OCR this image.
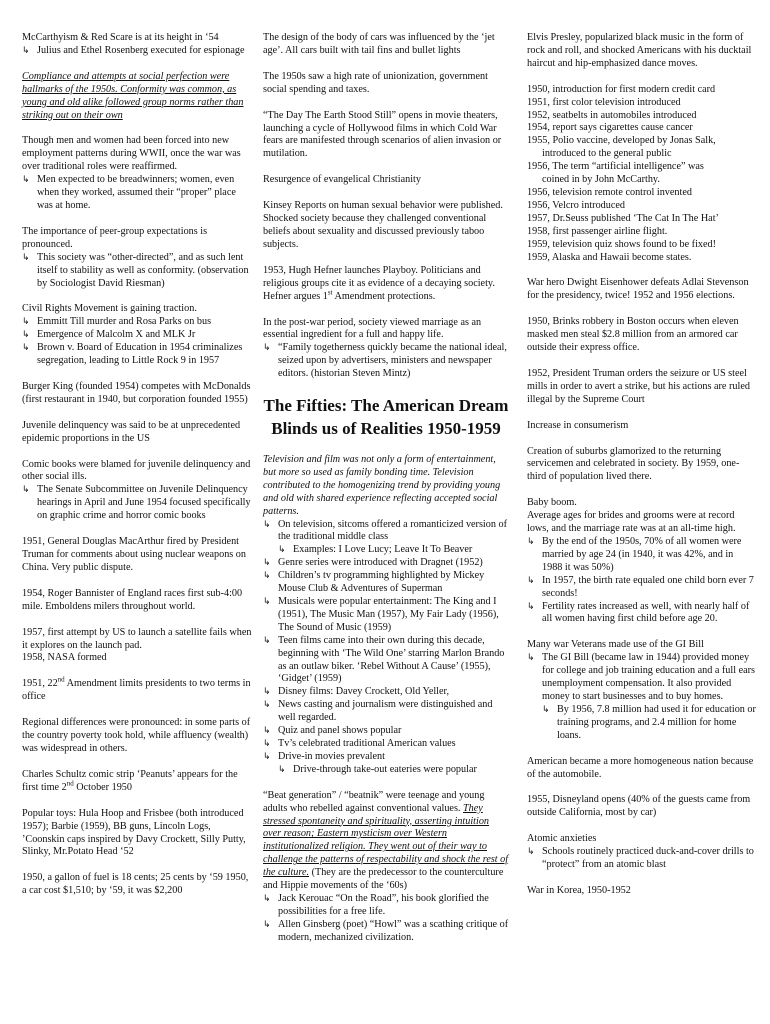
McCarthyism & Red Scare is at its height in ‘54
↳ Julius and Ethel Rosenberg executed for espionage
Compliance and attempts at social perfection were hallmarks of the 1950s. Conformity was common, as young and old alike followed group norms rather than striking out on their own
Though men and women had been forced into new employment patterns during WWII, once the war was over traditional roles were reaffirmed.
↳ Men expected to be breadwinners; women, even when they worked, assumed their “proper” place was at home.
The importance of peer-group expectations is pronounced.
↳ This society was “other-directed”, and as such lent itself to stability as well as conformity. (observation by Sociologist David Riesman)
Civil Rights Movement is gaining traction.
↳ Emmitt Till murder and Rosa Parks on bus
↳ Emergence of Malcolm X and MLK Jr
↳ Brown v. Board of Education in 1954 criminalizes segregation, leading to Little Rock 9 in 1957
Burger King (founded 1954) competes with McDonalds (first restaurant in 1940, but corporation founded 1955)
Juvenile delinquency was said to be at unprecedented epidemic proportions in the US
Comic books were blamed for juvenile delinquency and other social ills.
↳ The Senate Subcommittee on Juvenile Delinquency hearings in April and June 1954 focused specifically on graphic crime and horror comic books
1951, General Douglas MacArthur fired by President Truman for comments about using nuclear weapons on China. Very public dispute.
1954, Roger Bannister of England races first sub-4:00 mile. Emboldens milers throughout world.
1957, first attempt by US to launch a satellite fails when it explores on the launch pad.
1958, NASA formed
1951, 22nd Amendment limits presidents to two terms in office
Regional differences were pronounced: in some parts of the country poverty took hold, while affluency (wealth) was widespread in others.
Charles Schultz comic strip ‘Peanuts’ appears for the first time 2nd October 1950
Popular toys: Hula Hoop and Frisbee (both introduced 1957); Barbie (1959), BB guns, Lincoln Logs, ’Coonskin caps inspired by Davy Crockett, Silly Putty, Slinky, Mr.Potato Head ‘52
1950, a gallon of fuel is 18 cents; 25 cents by ‘59 1950, a car cost $1,510; by ‘59, it was $2,200
The design of the body of cars was influenced by the ‘jet age’. All cars built with tail fins and bullet lights
The 1950s saw a high rate of unionization, government social spending and taxes.
“The Day The Earth Stood Still” opens in movie theaters, launching a cycle of Hollywood films in which Cold War fears are manifested through scenarios of alien invasion or mutilation.
Resurgence of evangelical Christianity
Kinsey Reports on human sexual behavior were published. Shocked society because they challenged conventional beliefs about sexuality and discussed previously taboo subjects.
1953, Hugh Hefner launches Playboy. Politicians and religious groups cite it as evidence of a decaying society. Hefner argues 1st Amendment protections.
In the post-war period, society viewed marriage as an essential ingredient for a full and happy life.
↳ “Family togetherness quickly became the national ideal, seized upon by advertisers, ministers and newspaper editors. (historian Steven Mintz)
The Fifties: The American Dream
Blinds us of Realities 1950-1959
Television and film was not only a form of entertainment, but more so used as family bonding time. Television contributed to the homogenizing trend by providing young and old with shared experience reflecting accepted social patterns.
↳ On television, sitcoms offered a romanticized version of the traditional middle class
↳ Examples: I Love Lucy; Leave It To Beaver
↳ Genre series were introduced with Dragnet (1952)
↳ Children’s tv programming highlighted by Mickey Mouse Club & Adventures of Superman
↳ Musicals were popular entertainment: The King and I (1951), The Music Man (1957), My Fair Lady (1956), The Sound of Music (1959)
↳ Teen films came into their own during this decade, beginning with ‘The Wild One’ starring Marlon Brando as an outlaw biker. ‘Rebel Without A Cause’ (1955), ‘Gidget’ (1959)
↳ Disney films: Davey Crockett, Old Yeller,
↳ News casting and journalism were distinguished and well regarded.
↳ Quiz and panel shows popular
↳ Tv’s celebrated traditional American values
↳ Drive-in movies prevalent
↳ Drive-through take-out eateries were popular
“Beat generation” / “beatnik” were teenage and young adults who rebelled against conventional values. They stressed spontaneity and spirituality, asserting intuition over reason; Eastern mysticism over Western institutionalized religion. They went out of their way to challenge the patterns of respectability and shock the rest of the culture. (They are the predecessor to the counterculture and Hippie movements of the ‘60s)
↳ Jack Kerouac “On the Road”, his book glorified the possibilities for a free life.
↳ Allen Ginsberg (poet) “Howl” was a scathing critique of modern, mechanized civilization.
Elvis Presley, popularized black music in the form of rock and roll, and shocked Americans with his ducktail haircut and hip-emphasized dance moves.
1950, introduction for first modern credit card
1951, first color television introduced
1952, seatbelts in automobiles introduced
1954, report says cigarettes cause cancer
1955, Polio vaccine, developed by Jonas Salk,
introduced to the general public
1956, The term “artificial intelligence” was
coined in by John McCarthy.
1956, television remote control invented
1956, Velcro introduced
1957, Dr.Seuss published ‘The Cat In The Hat’
1958, first passenger airline flight.
1959, television quiz shows found to be fixed!
1959, Alaska and Hawaii become states.
War hero Dwight Eisenhower defeats Adlai Stevenson for the presidency, twice! 1952 and 1956 elections.
1950, Brinks robbery in Boston occurs when eleven masked men steal $2.8 million from an armored car outside their express office.
1952, President Truman orders the seizure or US steel mills in order to avert a strike, but his actions are ruled illegal by the Supreme Court
Increase in consumerism
Creation of suburbs glamorized to the returning servicemen and celebrated in society. By 1959, one-third of population lived there.
Baby boom.
Average ages for brides and grooms were at record lows, and the marriage rate was at an all-time high.
↳ By the end of the 1950s, 70% of all women were married by age 24 (in 1940, it was 42%, and in 1988 it was 50%)
↳ In 1957, the birth rate equaled one child born ever 7 seconds!
↳ Fertility rates increased as well, with nearly half of all women having first child before age 20.
Many war Veterans made use of the GI Bill
↳ The GI Bill (became law in 1944) provided money for college and job training education and a full ears unemployment compensation. It also provided money to start businesses and to buy homes.
↳ By 1956, 7.8 million had used it for education or training programs, and 2.4 million for home loans.
American became a more homogeneous nation because of the automobile.
1955, Disneyland opens (40% of the guests came from outside California, most by car)
Atomic anxieties
↳ Schools routinely practiced duck-and-cover drills to “protect” from an atomic blast
War in Korea, 1950-1952
